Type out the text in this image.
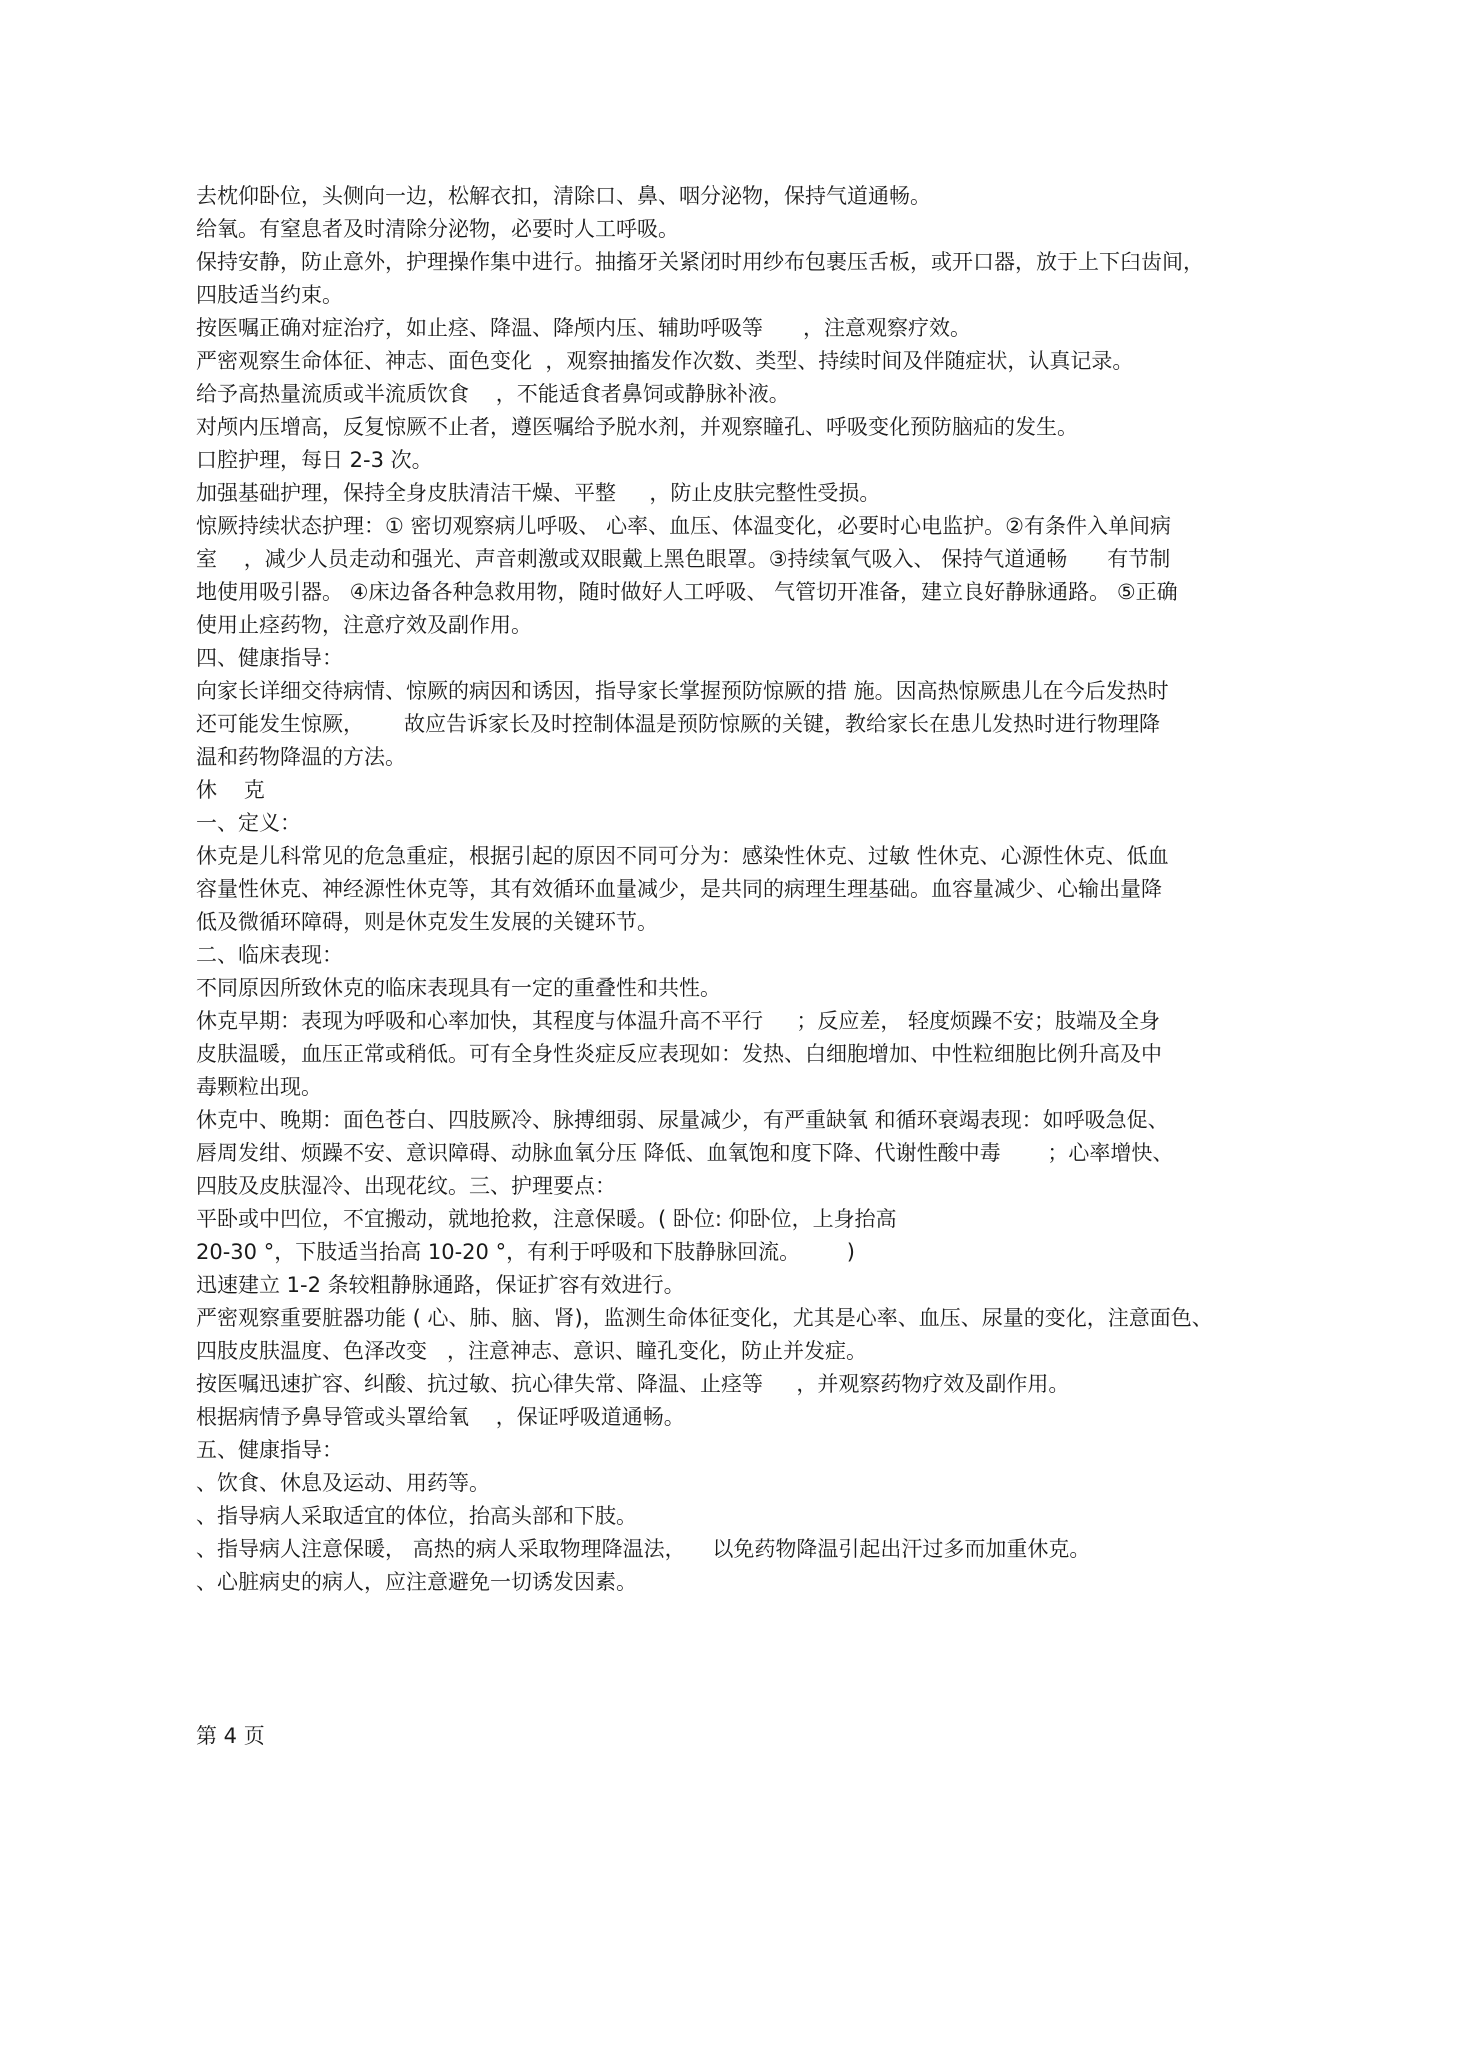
去枕仰卧位，头侧向一边，松解衣扣，清除口、鼻、咽分泌物，保持气道通畅。

给氧。有窒息者及时清除分泌物，必要时人工呼吸。

保持安静，防止意外，护理操作集中进行。抽搐牙关紧闭时用纱布包裹压舌板，或开口器，放于上下臼齿间，

四肢适当约束。

按医嘱正确对症治疗，如止痉、降温、降颅内压、辅助呼吸等      ，注意观察疗效。

严密观察生命体征、神志、面色变化  ，观察抽搐发作次数、类型、持续时间及伴随症状，认真记录。

给予高热量流质或半流质饮食    ，不能适食者鼻饲或静脉补液。

对颅内压增高，反复惊厥不止者，遵医嘱给予脱水剂，并观察瞳孔、呼吸变化预防脑疝的发生。

口腔护理，每日 2-3 次。

加强基础护理，保持全身皮肤清洁干燥、平整     ，防止皮肤完整性受损。

惊厥持续状态护理：① 密切观察病儿呼吸、 心率、血压、体温变化，必要时心电监护。②有条件入单间病

室    ，减少人员走动和强光、声音刺激或双眼戴上黑色眼罩。③持续氧气吸入、 保持气道通畅      有节制

地使用吸引器。 ④床边备各种急救用物，随时做好人工呼吸、 气管切开准备，建立良好静脉通路。 ⑤正确

使用止痉药物，注意疗效及副作用。

四、健康指导：

向家长详细交待病情、惊厥的病因和诱因，指导家长掌握预防惊厥的措 施。因高热惊厥患儿在今后发热时

还可能发生惊厥，      故应告诉家长及时控制体温是预防惊厥的关键，教给家长在患儿发热时进行物理降

温和药物降温的方法。

休    克

一、定义：

休克是儿科常见的危急重症，根据引起的原因不同可分为：感染性休克、过敏 性休克、心源性休克、低血

容量性休克、神经源性休克等，其有效循环血量减少，是共同的病理生理基础。血容量减少、心输出量降

低及微循环障碍，则是休克发生发展的关键环节。

二、临床表现：

不同原因所致休克的临床表现具有一定的重叠性和共性。

休克早期：表现为呼吸和心率加快，其程度与体温升高不平行     ；反应差， 轻度烦躁不安；肢端及全身

皮肤温暖，血压正常或稍低。可有全身性炎症反应表现如：发热、白细胞增加、中性粒细胞比例升高及中

毒颗粒出现。

休克中、晚期：面色苍白、四肢厥冷、脉搏细弱、尿量减少，有严重缺氧 和循环衰竭表现：如呼吸急促、

唇周发绀、烦躁不安、意识障碍、动脉血氧分压 降低、血氧饱和度下降、代谢性酸中毒       ；心率增快、

四肢及皮肤湿冷、出现花纹。三、护理要点：

平卧或中凹位，不宜搬动，就地抢救，注意保暖。( 卧位: 仰卧位，上身抬高

20-30 °，下肢适当抬高 10-20 °，有利于呼吸和下肢静脉回流。       )

迅速建立 1-2 条较粗静脉通路，保证扩容有效进行。

严密观察重要脏器功能 ( 心、肺、脑、肾)，监测生命体征变化，尤其是心率、血压、尿量的变化，注意面色、

四肢皮肤温度、色泽改变   ，注意神志、意识、瞳孔变化，防止并发症。

按医嘱迅速扩容、纠酸、抗过敏、抗心律失常、降温、止痉等     ，并观察药物疗效及副作用。

根据病情予鼻导管或头罩给氧    ，保证呼吸道通畅。

五、健康指导：

、饮食、休息及运动、用药等。

、指导病人采取适宜的体位，抬高头部和下肢。

、指导病人注意保暖， 高热的病人采取物理降温法，    以免药物降温引起出汗过多而加重休克。

、心脏病史的病人，应注意避免一切诱发因素。

第 4 页
